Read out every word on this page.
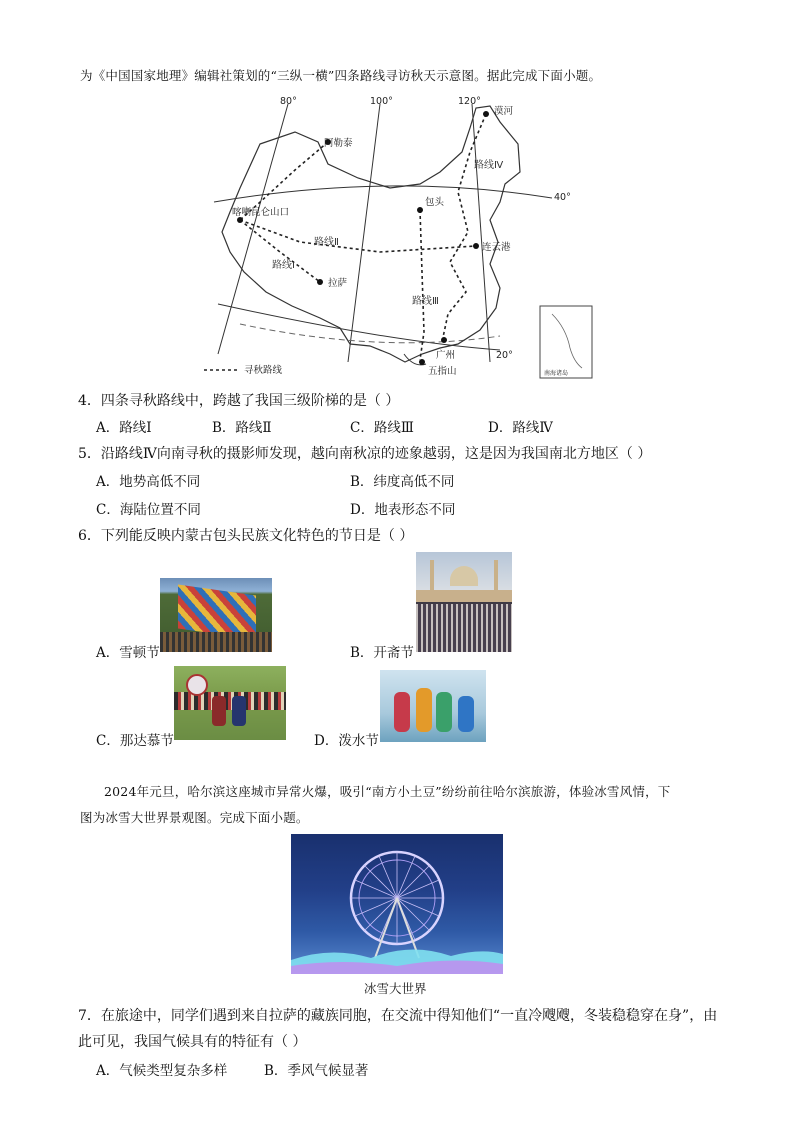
为《中国国家地理》编辑社策划的“三纵一横”四条路线寻访秋天示意图。据此完成下面小题。
80°	100°	120°
40°
20°
漠河
阿勒泰
包头
喀喇昆仑山口
连云港
拉萨
广州
五指山
路线Ⅰ
路线Ⅱ
路线Ⅲ
路线Ⅳ
寻秋路线	南海诸岛
4．四条寻秋路线中，跨越了我国三级阶梯的是（ ）
A．路线Ⅰ	B．路线Ⅱ	C．路线Ⅲ	D．路线Ⅳ
5．沿路线Ⅳ向南寻秋的摄影师发现，越向南秋凉的迹象越弱，这是因为我国南北方地区（ ）
A．地势高低不同	B．纬度高低不同
C．海陆位置不同	D．地表形态不同
6．下列能反映内蒙古包头民族文化特色的节日是（ ）
A．雪顿节	B．开斋节
C．那达慕节	D．泼水节
2024年元旦，哈尔滨这座城市异常火爆，吸引“南方小土豆”纷纷前往哈尔滨旅游，体验冰雪风情，下
图为冰雪大世界景观图。完成下面小题。
冰雪大世界
7．在旅途中，同学们遇到来自拉萨的藏族同胞，在交流中得知他们“一直冷飕飕，冬装稳稳穿在身”，由
此可见，我国气候具有的特征有（ ）
A．气候类型复杂多样	B．季风气候显著
